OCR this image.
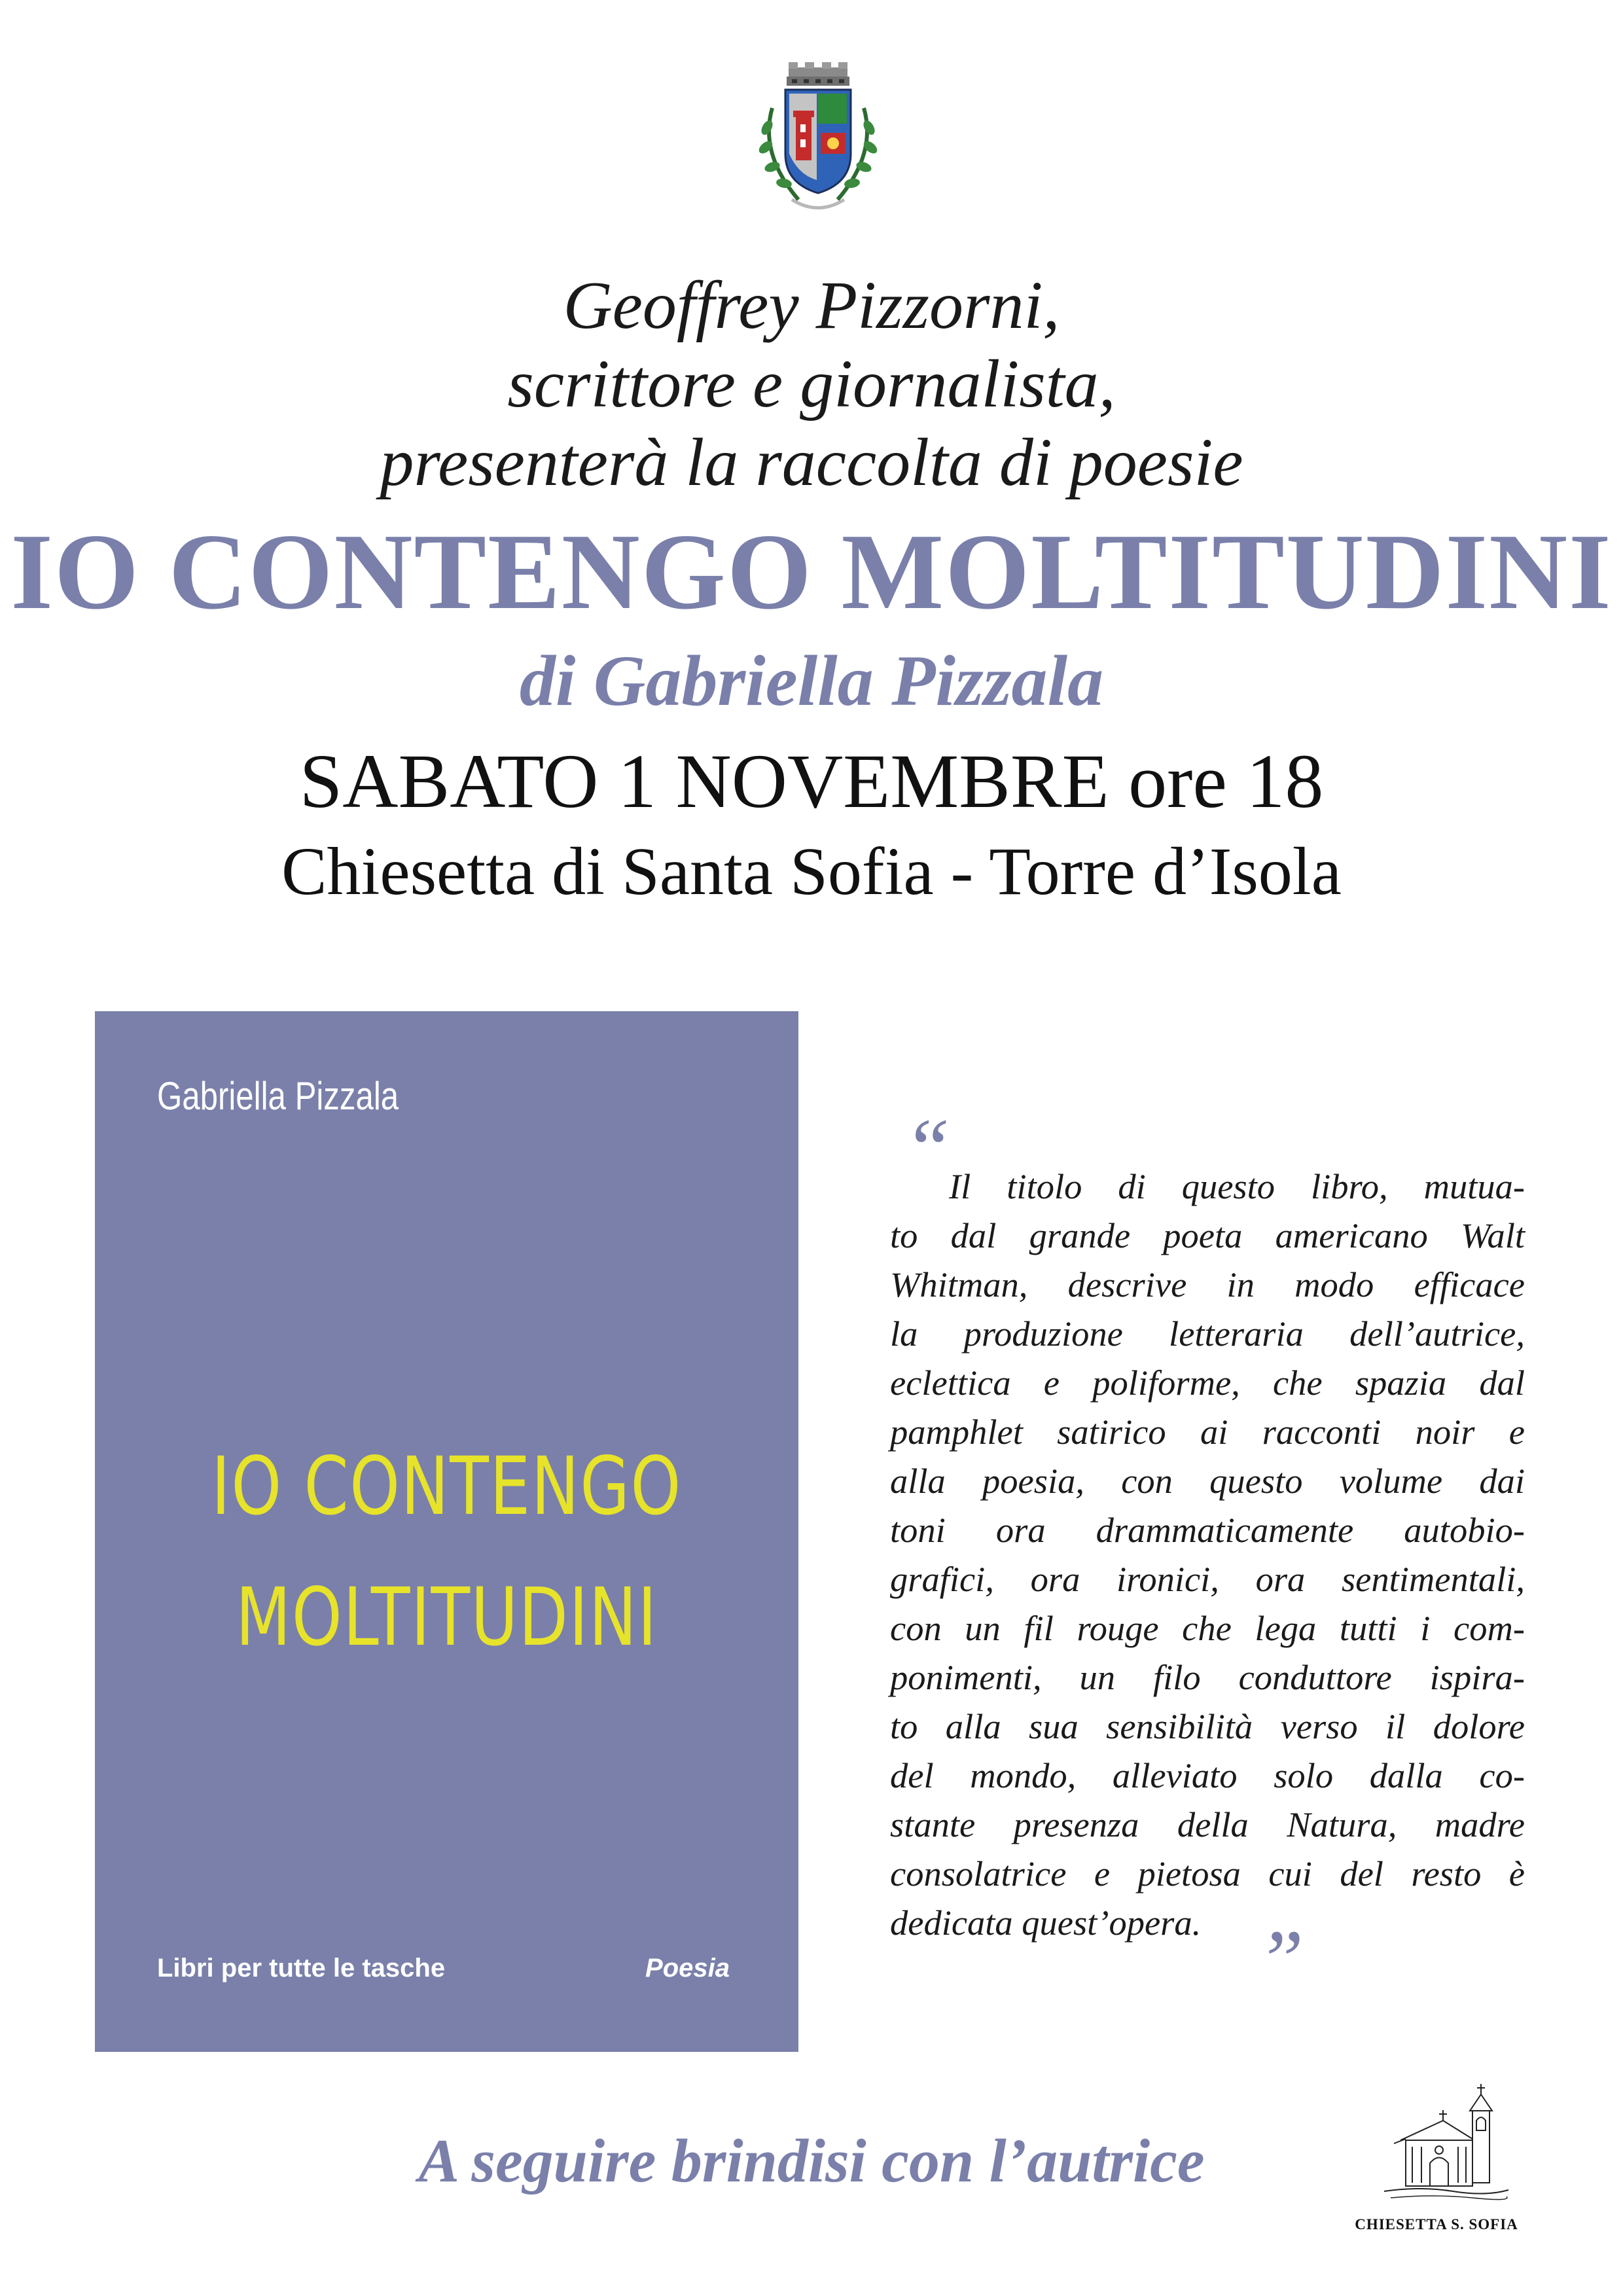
Geoffrey Pizzorni,
scrittore e giornalista,
presenterà la raccolta di poesie
IO CONTENGO MOLTITUDINI
di Gabriella Pizzala
SABATO 1 NOVEMBRE ore 18
Chiesetta di Santa Sofia - Torre d’Isola
Gabriella Pizzala
IO CONTENGO
MOLTITUDINI
Libri per tutte le tasche	Poesia
“
Il titolo di questo libro, mutua-
to dal grande poeta americano Walt
Whitman, descrive in modo efficace
la produzione letteraria dell’autrice,
eclettica e poliforme, che spazia dal
pamphlet satirico ai racconti noir e
alla poesia, con questo volume dai
toni ora drammaticamente autobio-
grafici, ora ironici, ora sentimentali,
con un fil rouge che lega tutti i com-
ponimenti, un filo conduttore ispira-
to alla sua sensibilità verso il dolore
del mondo, alleviato solo dalla co-
stante presenza della Natura, madre
consolatrice e pietosa cui del resto è
dedicata quest’opera. ”
A seguire brindisi con l’autrice
CHIESETTA S. SOFIA
